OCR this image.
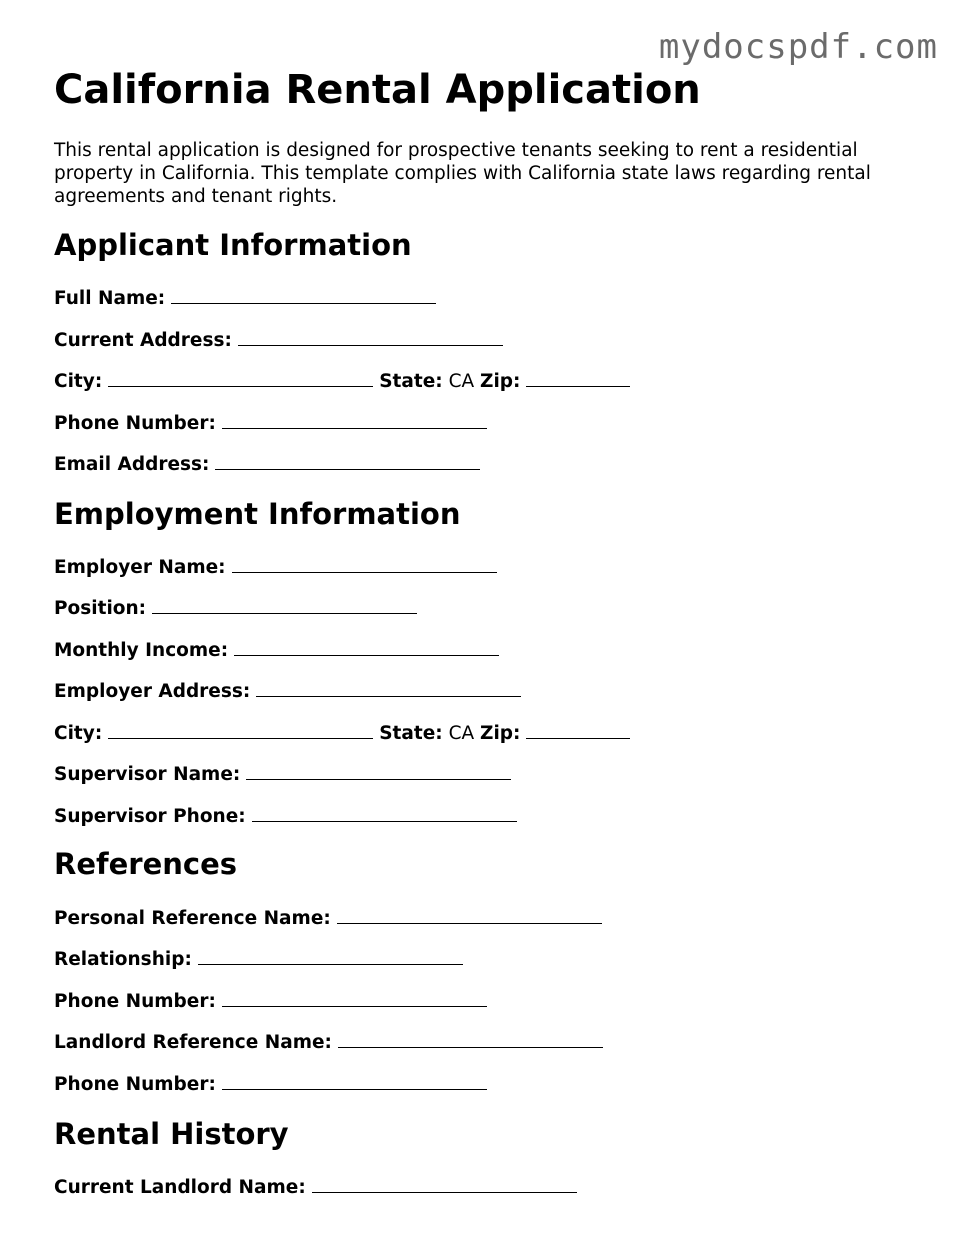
mydocspdf.com
California Rental Application

This rental application is designed for prospective tenants seeking to rent a residential property in California. This template complies with California state laws regarding rental agreements and tenant rights.

Applicant Information
Full Name:
Current Address:
City:	State: CA Zip:
Phone Number:
Email Address:
Employment Information
Employer Name:
Position:
Monthly Income:
Employer Address:
City:	State: CA Zip:
Supervisor Name:
Supervisor Phone:
References
Personal Reference Name:
Relationship:
Phone Number:
Landlord Reference Name:
Phone Number:
Rental History
Current Landlord Name:
